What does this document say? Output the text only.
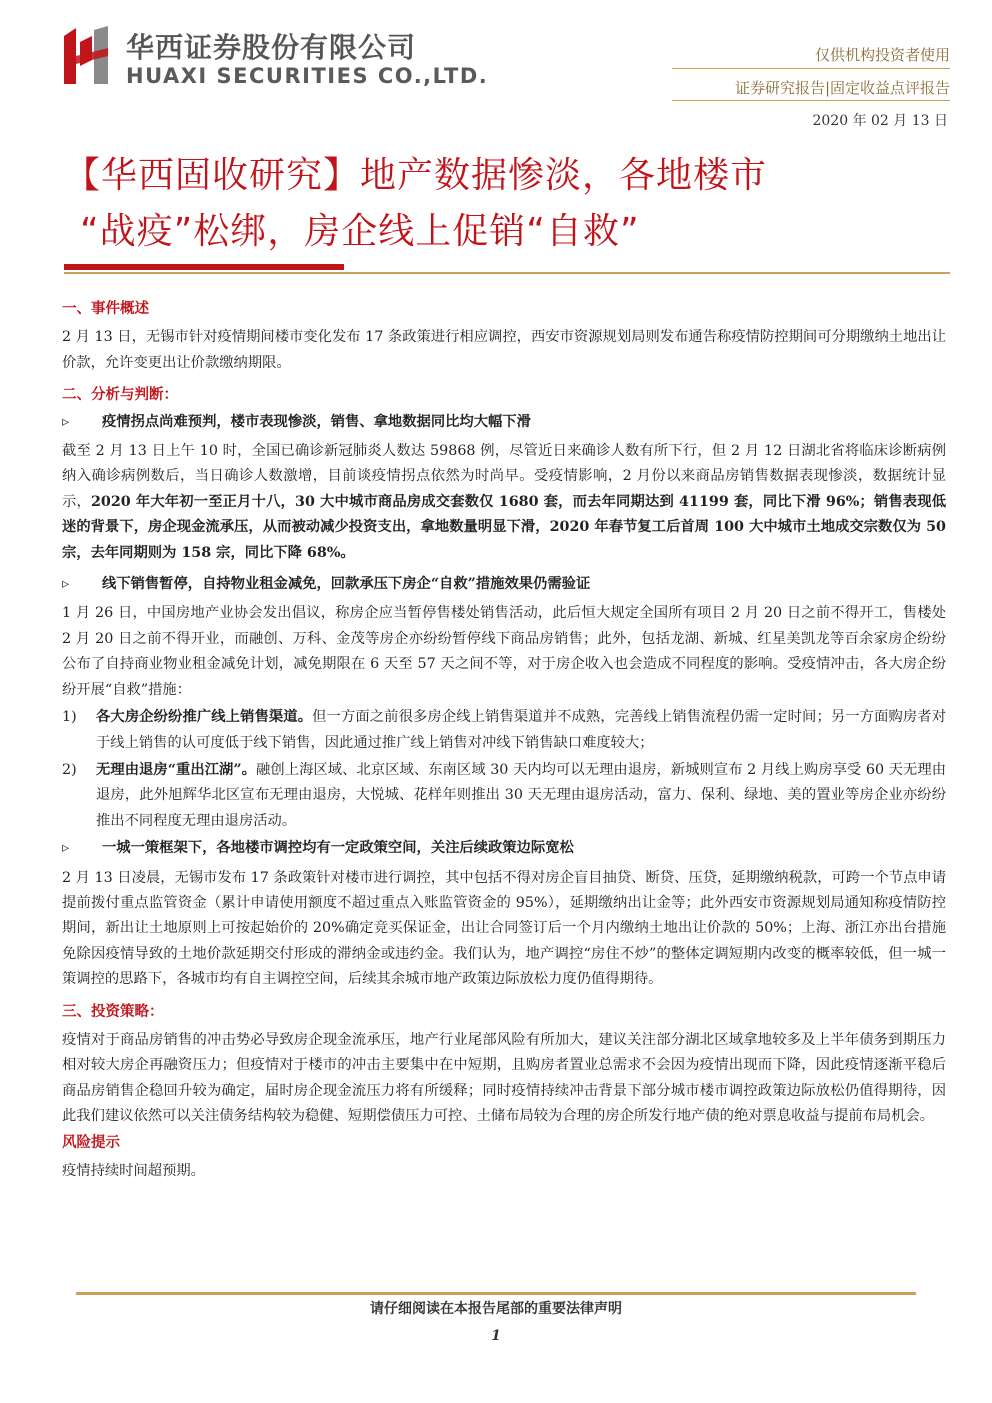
华西证券股份有限公司
HUAXI SECURITIES CO.,LTD.
仅供机构投资者使用
证券研究报告|固定收益点评报告
2020 年 02 月 13 日
【华西固收研究】地产数据惨淡，各地楼市
“战疫”松绑，房企线上促销“自救”
一、事件概述
2 月 13 日，无锡市针对疫情期间楼市变化发布 17 条政策进行相应调控，西安市资源规划局则发布通告称疫情防控期间可分期缴纳土地出让价款，允许变更出让价款缴纳期限。
二、分析与判断：
▹	疫情拐点尚难预判，楼市表现惨淡，销售、拿地数据同比均大幅下滑
截至 2 月 13 日上午 10 时，全国已确诊新冠肺炎人数达 59868 例，尽管近日来确诊人数有所下行，但 2 月 12 日湖北省将临床诊断病例纳入确诊病例数后，当日确诊人数激增，目前谈疫情拐点依然为时尚早。受疫情影响，2 月份以来商品房销售数据表现惨淡，数据统计显示，2020 年大年初一至正月十八，30 大中城市商品房成交套数仅 1680 套，而去年同期达到 41199 套，同比下滑 96%；销售表现低迷的背景下，房企现金流承压，从而被动减少投资支出，拿地数量明显下滑，2020 年春节复工后首周 100 大中城市土地成交宗数仅为 50 宗，去年同期则为 158 宗，同比下降 68%。
▹	线下销售暂停，自持物业租金减免，回款承压下房企“自救”措施效果仍需验证
1 月 26 日，中国房地产业协会发出倡议，称房企应当暂停售楼处销售活动，此后恒大规定全国所有项目 2 月 20 日之前不得开工，售楼处 2 月 20 日之前不得开业，而融创、万科、金茂等房企亦纷纷暂停线下商品房销售；此外，包括龙湖、新城、红星美凯龙等百余家房企纷纷公布了自持商业物业租金减免计划，减免期限在 6 天至 57 天之间不等，对于房企收入也会造成不同程度的影响。受疫情冲击，各大房企纷纷开展“自救”措施：
1)	各大房企纷纷推广线上销售渠道。但一方面之前很多房企线上销售渠道并不成熟，完善线上销售流程仍需一定时间；另一方面购房者对于线上销售的认可度低于线下销售，因此通过推广线上销售对冲线下销售缺口难度较大；
2)	无理由退房“重出江湖”。融创上海区域、北京区域、东南区域 30 天内均可以无理由退房，新城则宣布 2 月线上购房享受 60 天无理由退房，此外旭辉华北区宣布无理由退房，大悦城、花样年则推出 30 天无理由退房活动，富力、保利、绿地、美的置业等房企业亦纷纷推出不同程度无理由退房活动。
▹	一城一策框架下，各地楼市调控均有一定政策空间，关注后续政策边际宽松
2 月 13 日凌晨，无锡市发布 17 条政策针对楼市进行调控，其中包括不得对房企盲目抽贷、断贷、压贷，延期缴纳税款，可跨一个节点申请提前拨付重点监管资金（累计申请使用额度不超过重点入账监管资金的 95%），延期缴纳出让金等；此外西安市资源规划局通知称疫情防控期间，新出让土地原则上可按起始价的 20%确定竞买保证金，出让合同签订后一个月内缴纳土地出让价款的 50%；上海、浙江亦出台措施免除因疫情导致的土地价款延期交付形成的滞纳金或违约金。我们认为，地产调控“房住不炒”的整体定调短期内改变的概率较低，但一城一策调控的思路下，各城市均有自主调控空间，后续其余城市地产政策边际放松力度仍值得期待。
三、投资策略：
疫情对于商品房销售的冲击势必导致房企现金流承压，地产行业尾部风险有所加大，建议关注部分湖北区域拿地较多及上半年债务到期压力相对较大房企再融资压力；但疫情对于楼市的冲击主要集中在中短期，且购房者置业总需求不会因为疫情出现而下降，因此疫情逐渐平稳后商品房销售企稳回升较为确定，届时房企现金流压力将有所缓释；同时疫情持续冲击背景下部分城市楼市调控政策边际放松仍值得期待，因此我们建议依然可以关注债务结构较为稳健、短期偿债压力可控、土储布局较为合理的房企所发行地产债的绝对票息收益与提前布局机会。
风险提示
疫情持续时间超预期。
请仔细阅读在本报告尾部的重要法律声明
1
